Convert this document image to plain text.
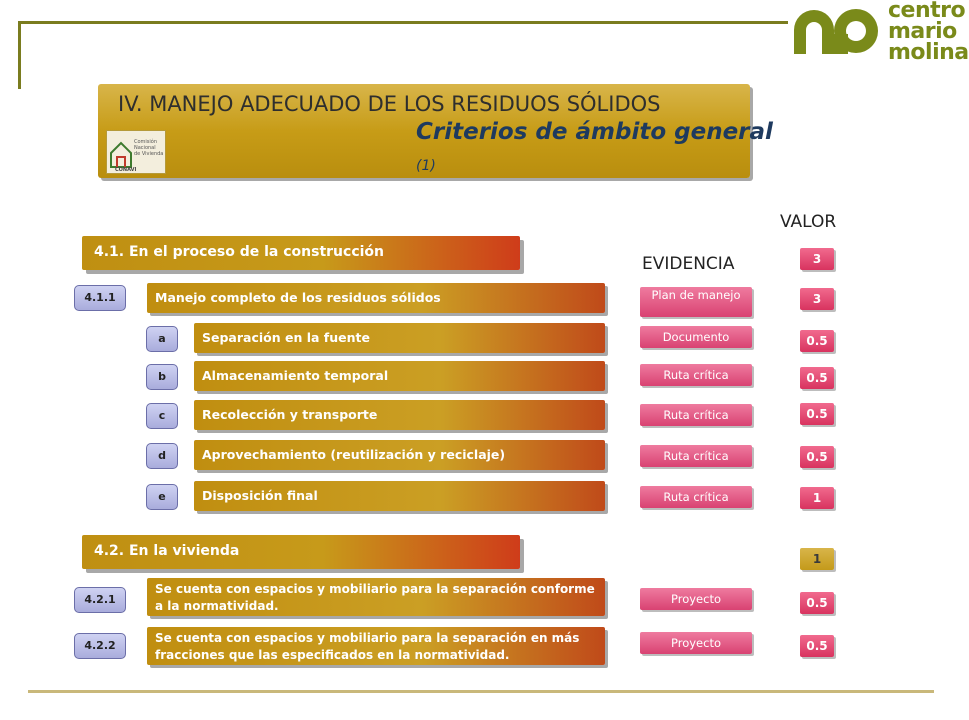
centro
mario
molina
IV. MANEJO ADECUADO DE LOS RESIDUOS SÓLIDOS
Criterios de ámbito general
(1)
Comisión
Nacional
de Vivienda
CONAVI
VALOR
EVIDENCIA
4.1. En el proceso de la construcción	3
4.1.1	Manejo completo de los residuos sólidos	Plan de manejo	3
a	Separación en la fuente	Documento	0.5
b	Almacenamiento temporal	Ruta crítica	0.5
c	Recolección y transporte	Ruta crítica	0.5
d	Aprovechamiento (reutilización y reciclaje)	Ruta crítica	0.5
e	Disposición final	Ruta crítica	1
4.2. En la vivienda	1
4.2.1
Se cuenta con espacios y mobiliario para la separación conforme
a la normatividad.	Proyecto	0.5
4.2.2
Se cuenta con espacios y mobiliario para la separación en más
fracciones que las especificados en la normatividad.
Proyecto	0.5
